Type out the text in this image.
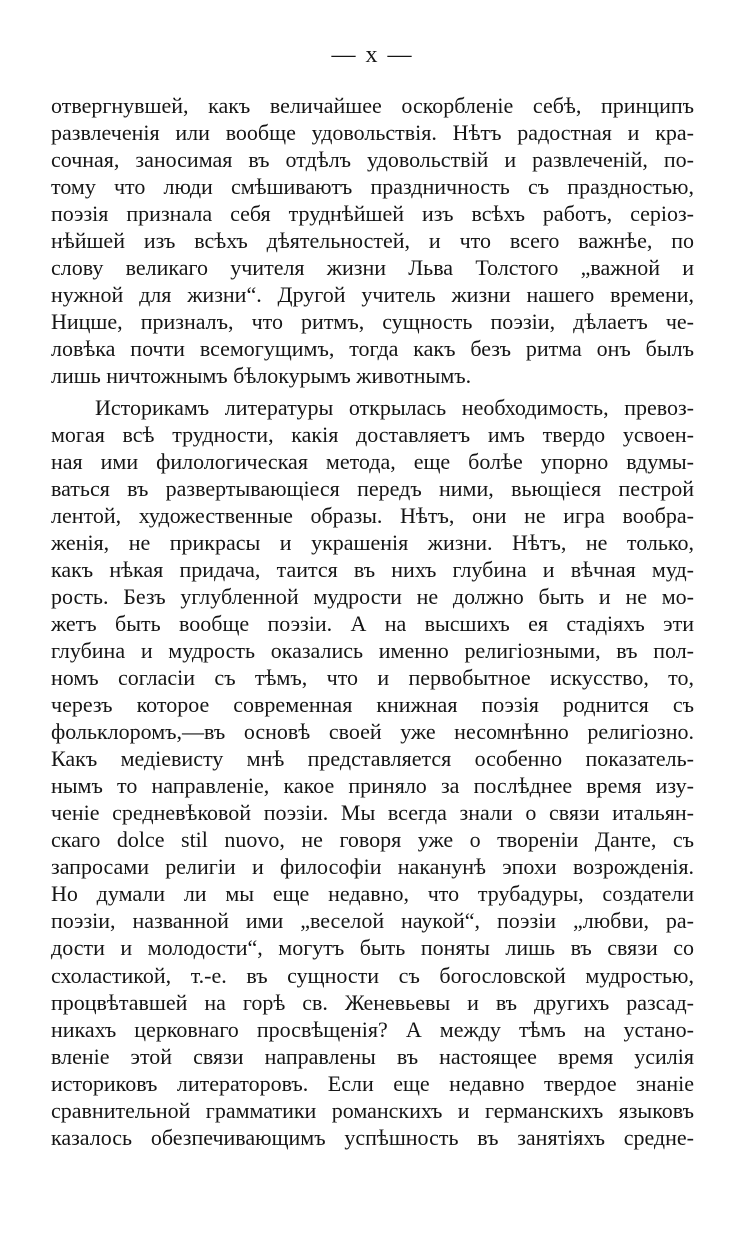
— x —
отвергнувшей, какъ величайшее оскорбленіе себѣ, принципъ
развлеченія или вообще удовольствія. Нѣтъ радостная и кра-
сочная, заносимая въ отдѣлъ удовольствій и развлеченій, по-
тому что люди смѣшиваютъ праздничность съ праздностью,
поэзія признала себя труднѣйшей изъ всѣхъ работъ, серіоз-
нѣйшей изъ всѣхъ дѣятельностей, и что всего важнѣе, по
слову великаго учителя жизни Льва Толстого „важной и
нужной для жизни“. Другой учитель жизни нашего времени,
Ницше, призналъ, что ритмъ, сущность поэзіи, дѣлаетъ че-
ловѣка почти всемогущимъ, тогда какъ безъ ритма онъ былъ
лишь ничтожнымъ бѣлокурымъ животнымъ.
Историкамъ литературы открылась необходимость, превоз-
могая всѣ трудности, какія доставляетъ имъ твердо усвоен-
ная ими филологическая метода, еще болѣе упорно вдумы-
ваться въ развертывающіеся передъ ними, вьющіеся пестрой
лентой, художественные образы. Нѣтъ, они не игра вообра-
женія, не прикрасы и украшенія жизни. Нѣтъ, не только,
какъ нѣкая придача, таится въ нихъ глубина и вѣчная муд-
рость. Безъ углубленной мудрости не должно быть и не мо-
жетъ быть вообще поэзіи. А на высшихъ ея стадіяхъ эти
глубина и мудрость оказались именно религіозными, въ пол-
номъ согласіи съ тѣмъ, что и первобытное искусство, то,
черезъ которое современная книжная поэзія роднится съ
фольклоромъ,—въ основѣ своей уже несомнѣнно религіозно.
Какъ медіевисту мнѣ представляется особенно показатель-
нымъ то направленіе, какое приняло за послѣднее время изу-
ченіе средневѣковой поэзіи. Мы всегда знали о связи итальян-
скаго dolce stil nuovo, не говоря уже о твореніи Данте, съ
запросами религіи и философіи наканунѣ эпохи возрожденія.
Но думали ли мы еще недавно, что трубадуры, создатели
поэзіи, названной ими „веселой наукой“, поэзіи „любви, ра-
дости и молодости“, могутъ быть поняты лишь въ связи со
схоластикой, т.-е. въ сущности съ богословской мудростью,
процвѣтавшей на горѣ св. Женевьевы и въ другихъ разсад-
никахъ церковнаго просвѣщенія? А между тѣмъ на устано-
вленіе этой связи направлены въ настоящее время усилія
историковъ литераторовъ. Если еще недавно твердое знаніе
сравнительной грамматики романскихъ и германскихъ языковъ
казалось обезпечивающимъ успѣшность въ занятіяхъ средне-
